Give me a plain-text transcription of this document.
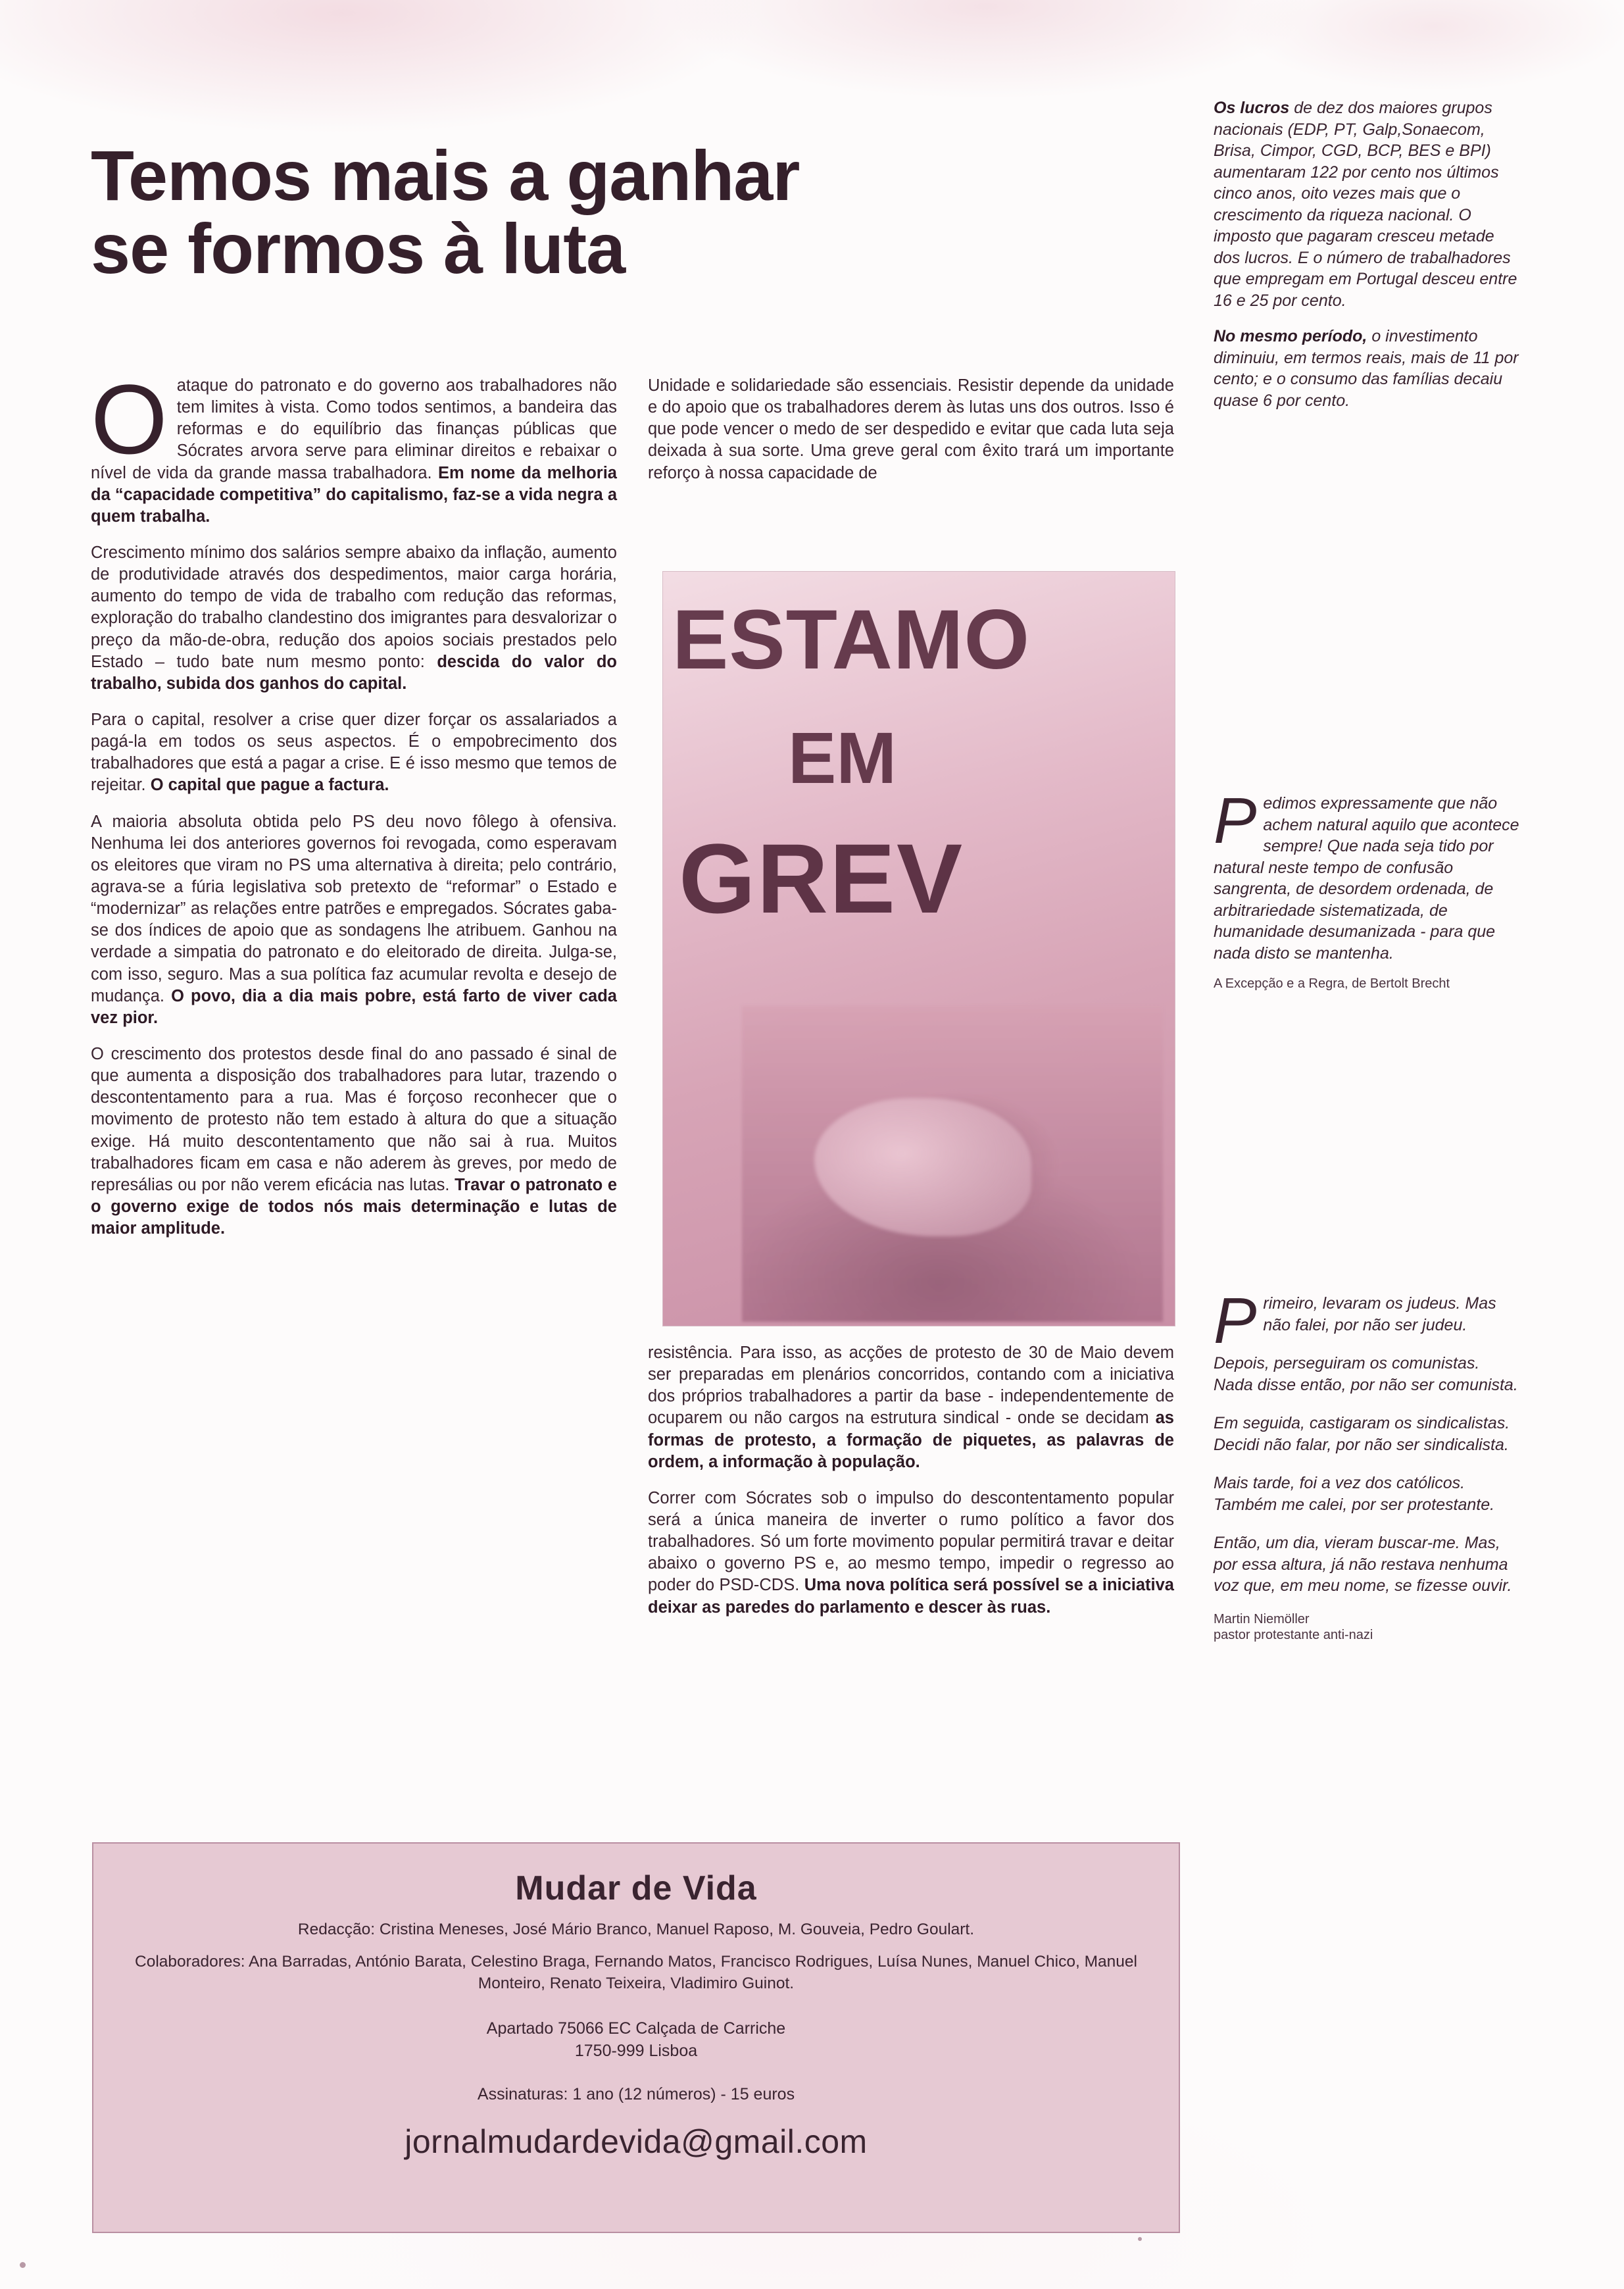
Temos mais a ganhar
se formos à luta

Oataque do patronato e do governo aos trabalhadores não tem limites à vista. Como todos sentimos, a bandeira das reformas e do equilíbrio das finanças públicas que Sócrates arvora serve para eliminar direitos e rebaixar o nível de vida da grande massa trabalhadora. Em nome da melhoria da “capacidade competitiva” do capitalismo, faz-se a vida negra a quem trabalha.

Crescimento mínimo dos salários sempre abaixo da inflação, aumento de produtividade através dos despedimentos, maior carga horária, aumento do tempo de vida de trabalho com redução das reformas, exploração do trabalho clandestino dos imigrantes para desvalorizar o preço da mão-de-obra, redução dos apoios sociais prestados pelo Estado – tudo bate num mesmo ponto: descida do valor do trabalho, subida dos ganhos do capital.

Para o capital, resolver a crise quer dizer forçar os assalariados a pagá-la em todos os seus aspectos. É o empobrecimento dos trabalhadores que está a pagar a crise. E é isso mesmo que temos de rejeitar. O capital que pague a factura.

A maioria absoluta obtida pelo PS deu novo fôlego à ofensiva. Nenhuma lei dos anteriores governos foi revogada, como esperavam os eleitores que viram no PS uma alternativa à direita; pelo contrário, agrava-se a fúria legislativa sob pretexto de “reformar” o Estado e “modernizar” as relações entre patrões e empregados. Sócrates gaba-se dos índices de apoio que as sondagens lhe atribuem. Ganhou na verdade a simpatia do patronato e do eleitorado de direita. Julga-se, com isso, seguro. Mas a sua política faz acumular revolta e desejo de mudança. O povo, dia a dia mais pobre, está farto de viver cada vez pior.

O crescimento dos protestos desde final do ano passado é sinal de que aumenta a disposição dos trabalhadores para lutar, trazendo o descontentamento para a rua. Mas é forçoso reconhecer que o movimento de protesto não tem estado à altura do que a situação exige. Há muito descontentamento que não sai à rua. Muitos trabalhadores ficam em casa e não aderem às greves, por medo de represálias ou por não verem eficácia nas lutas. Travar o patronato e o governo exige de todos nós mais determinação e lutas de maior amplitude.

Unidade e solidariedade são essenciais. Resistir depende da unidade e do apoio que os trabalhadores derem às lutas uns dos outros. Isso é que pode vencer o medo de ser despedido e evitar que cada luta seja deixada à sua sorte. Uma greve geral com êxito trará um importante reforço à nossa capacidade de

ESTAMO
EM
GREV

resistência. Para isso, as acções de protesto de 30 de Maio devem ser preparadas em plenários concorridos, contando com a iniciativa dos próprios trabalhadores a partir da base - independentemente de ocuparem ou não cargos na estrutura sindical - onde se decidam as formas de protesto, a formação de piquetes, as palavras de ordem, a informação à população.

Correr com Sócrates sob o impulso do descontentamento popular será a única maneira de inverter o rumo político a favor dos trabalhadores. Só um forte movimento popular permitirá travar e deitar abaixo o governo PS e, ao mesmo tempo, impedir o regresso ao poder do PSD-CDS. Uma nova política será possível se a iniciativa deixar as paredes do parlamento e descer às ruas.

Os lucros de dez dos maiores grupos nacionais (EDP, PT, Galp,Sonaecom, Brisa, Cimpor, CGD, BCP, BES e BPI) aumentaram 122 por cento nos últimos cinco anos, oito vezes mais que o crescimento da riqueza nacional. O imposto que pagaram cresceu metade dos lucros. E o número de trabalhadores que empregam em Portugal desceu entre 16 e 25 por cento.

No mesmo período, o investimento diminuiu, em termos reais, mais de 11 por cento; e o consumo das famílias decaiu quase 6 por cento.

Pedimos expressamente que não achem natural aquilo que acontece sempre! Que nada seja tido por natural neste tempo de confusão sangrenta, de desordem ordenada, de arbitrariedade sistematizada, de humanidade desumanizada - para que nada disto se mantenha.

A Excepção e a Regra, de Bertolt Brecht

Primeiro, levaram os judeus. Mas não falei, por não ser judeu.

Depois, perseguiram os comunistas. Nada disse então, por não ser comunista.

Em seguida, castigaram os sindicalistas. Decidi não falar, por não ser sindicalista.

Mais tarde, foi a vez dos católicos. Também me calei, por ser protestante.

Então, um dia, vieram buscar-me. Mas, por essa altura, já não restava nenhuma voz que, em meu nome, se fizesse ouvir.

Martin Niemöller
pastor protestante anti-nazi
Mudar de Vida
Redacção: Cristina Meneses, José Mário Branco, Manuel Raposo, M. Gouveia, Pedro Goulart.
Colaboradores: Ana Barradas, António Barata, Celestino Braga, Fernando Matos, Francisco Rodrigues, Luísa Nunes, Manuel Chico, Manuel Monteiro, Renato Teixeira, Vladimiro Guinot.
Apartado 75066 EC Calçada de Carriche
1750-999 Lisboa
Assinaturas: 1 ano (12 números) - 15 euros
jornalmudardevida@gmail.com
